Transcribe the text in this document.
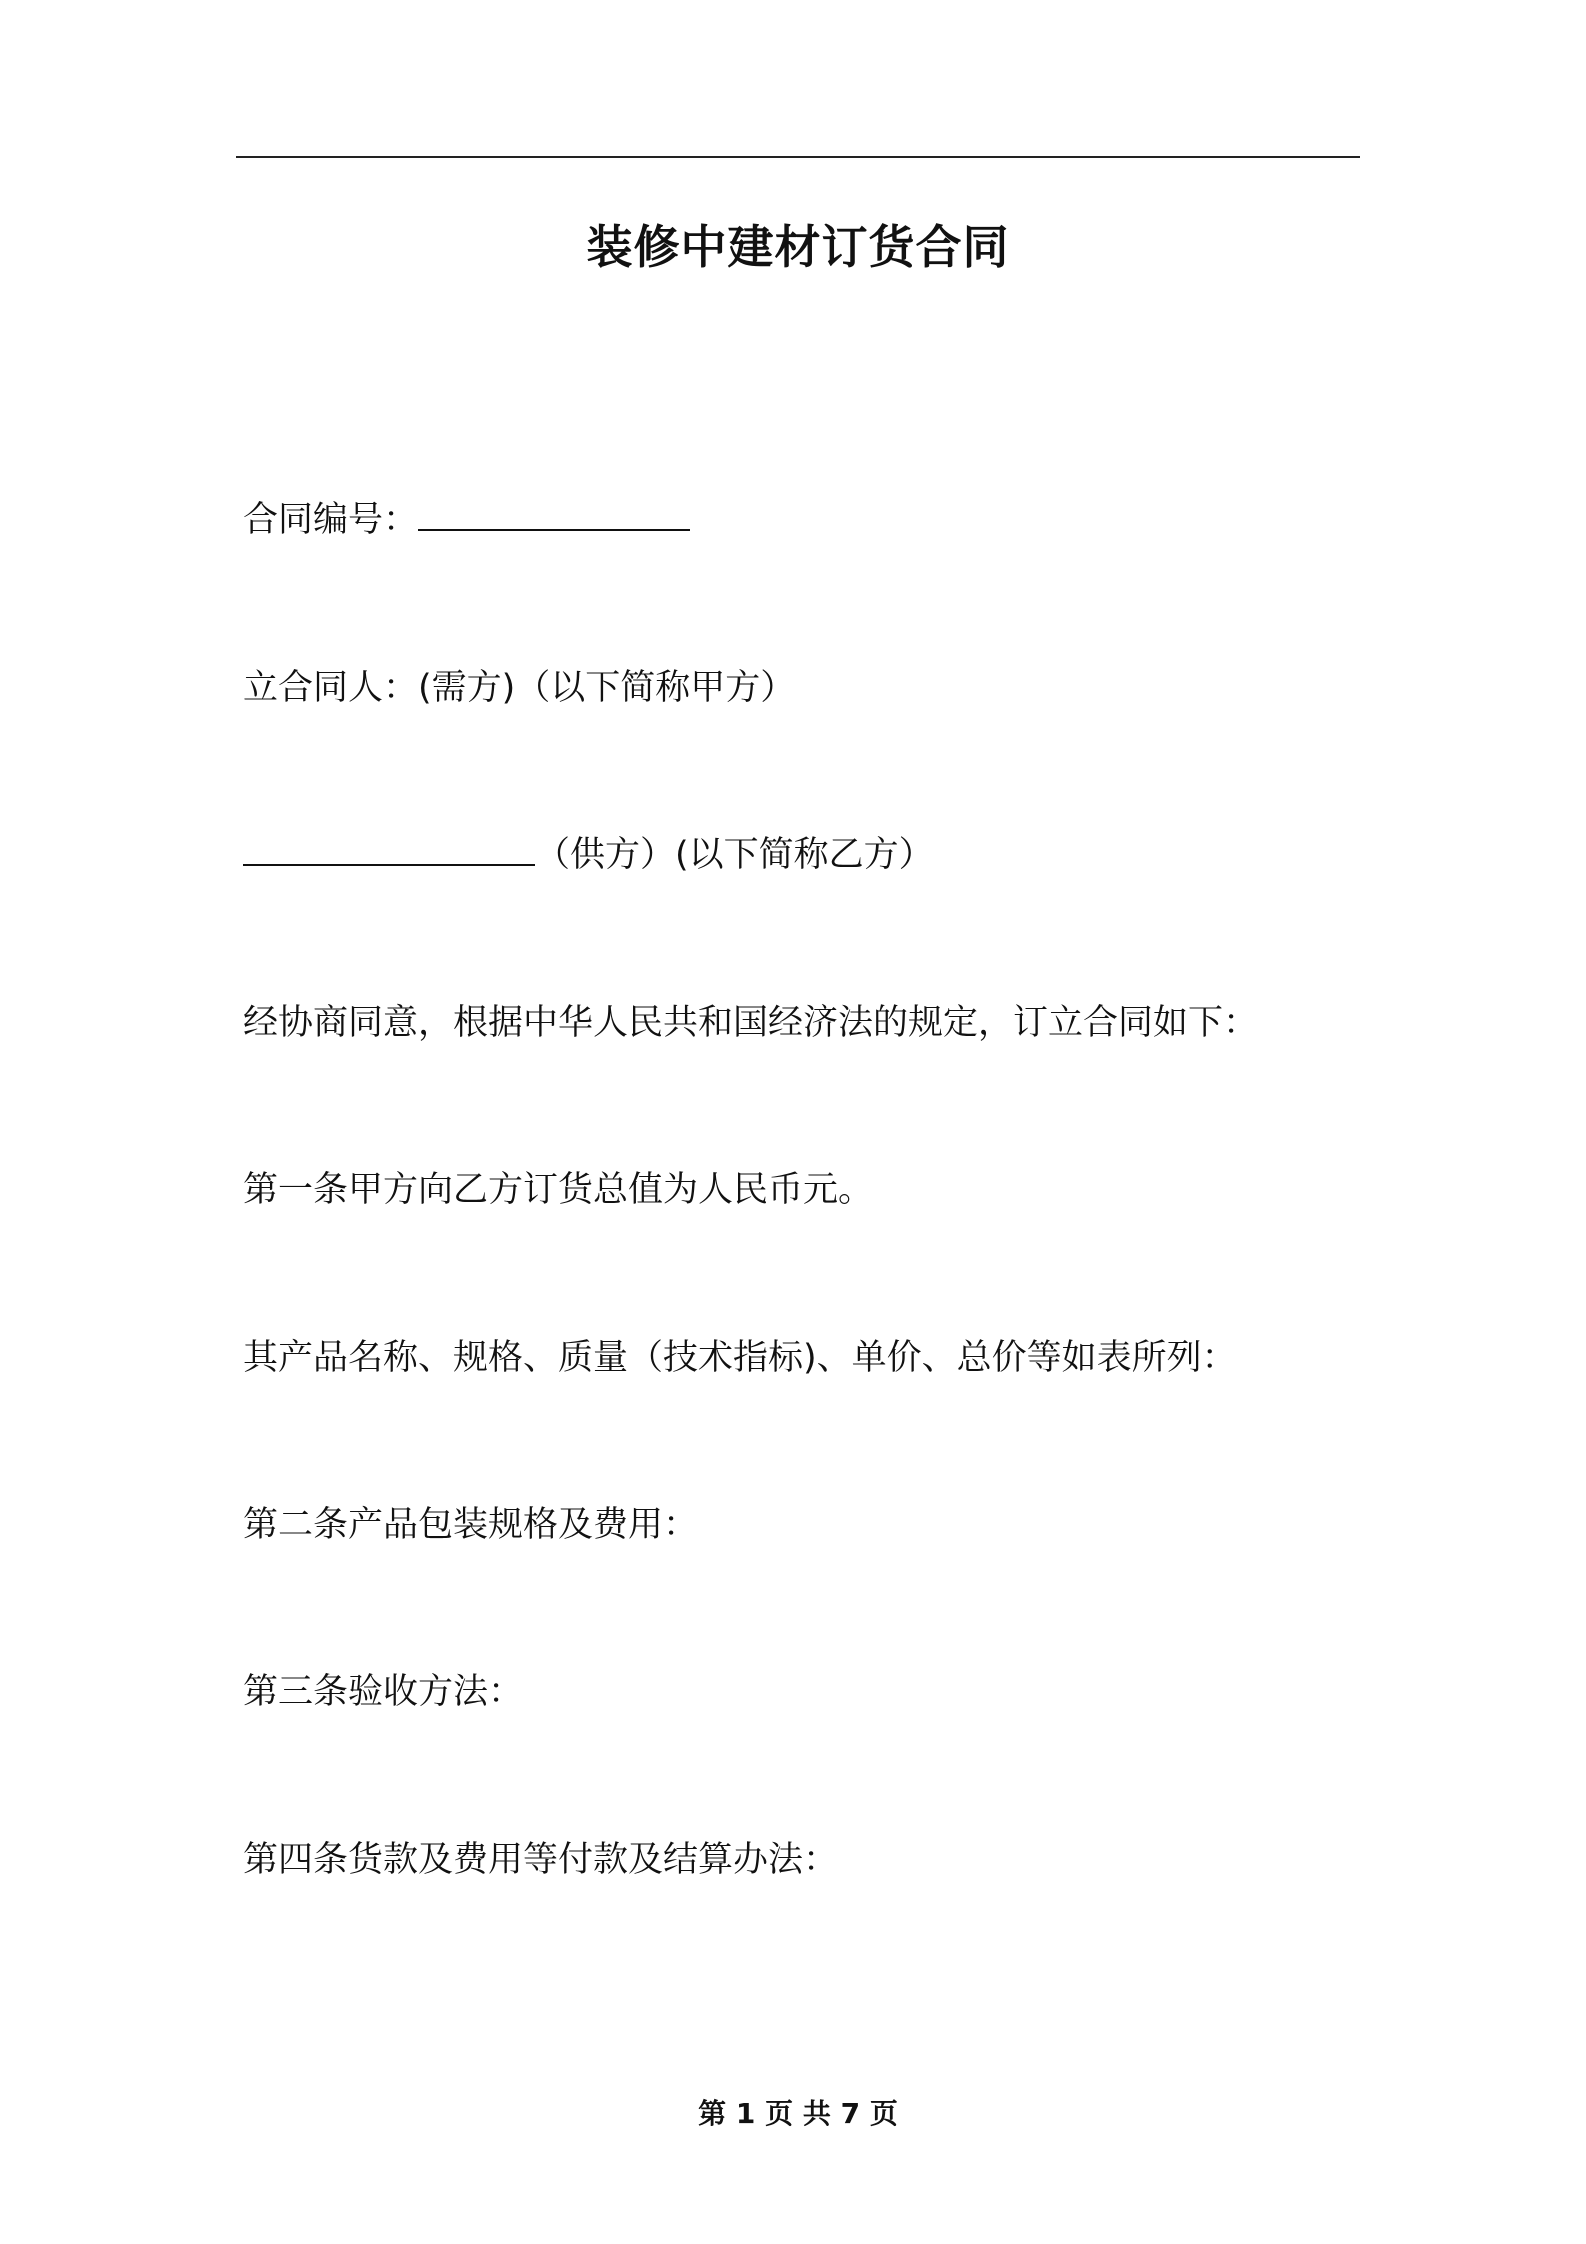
装修中建材订货合同

合同编号：

立合同人：(需方)（以下简称甲方）

（供方）(以下简称乙方）

经协商同意，根据中华人民共和国经济法的规定，订立合同如下：

第一条甲方向乙方订货总值为人民币元。

其产品名称、规格、质量（技术指标)、单价、总价等如表所列：

第二条产品包装规格及费用：

第三条验收方法：

第四条货款及费用等付款及结算办法：

第 1 页 共 7 页
